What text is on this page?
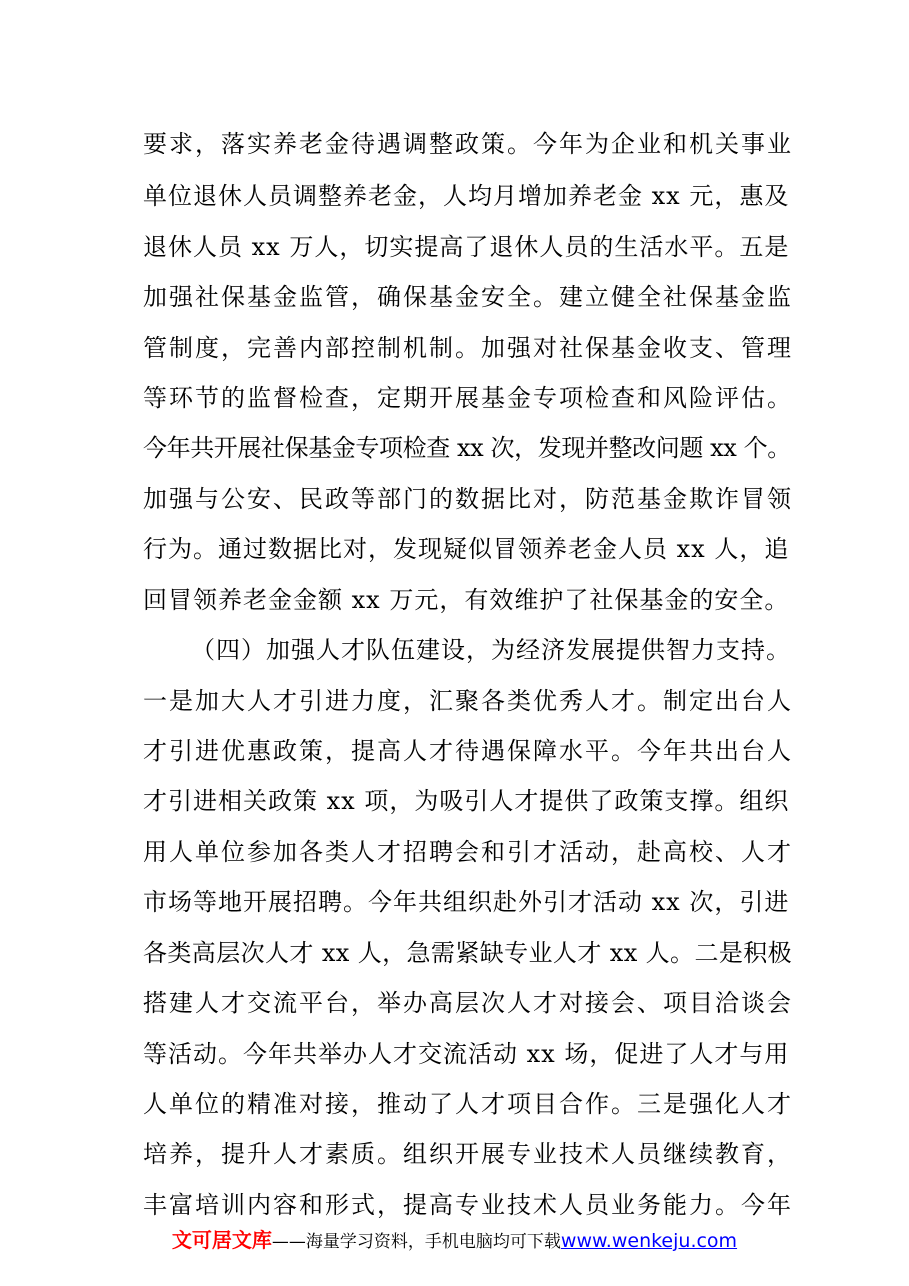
要求，落实养老金待遇调整政策。今年为企业和机关事业
单位退休人员调整养老金，人均月增加养老金 xx 元，惠及
退休人员 xx 万人，切实提高了退休人员的生活水平。五是
加强社保基金监管，确保基金安全。建立健全社保基金监
管制度，完善内部控制机制。加强对社保基金收支、管理
等环节的监督检查，定期开展基金专项检查和风险评估。
今年共开展社保基金专项检查 xx 次，发现并整改问题 xx 个。
加强与公安、民政等部门的数据比对，防范基金欺诈冒领
行为。通过数据比对，发现疑似冒领养老金人员 xx 人，追
回冒领养老金金额 xx 万元，有效维护了社保基金的安全。
（四）加强人才队伍建设，为经济发展提供智力支持。
一是加大人才引进力度，汇聚各类优秀人才。制定出台人
才引进优惠政策，提高人才待遇保障水平。今年共出台人
才引进相关政策 xx 项，为吸引人才提供了政策支撑。组织
用人单位参加各类人才招聘会和引才活动，赴高校、人才
市场等地开展招聘。今年共组织赴外引才活动 xx 次，引进
各类高层次人才 xx 人，急需紧缺专业人才 xx 人。二是积极
搭建人才交流平台，举办高层次人才对接会、项目洽谈会
等活动。今年共举办人才交流活动 xx 场，促进了人才与用
人单位的精准对接，推动了人才项目合作。三是强化人才
培养，提升人才素质。组织开展专业技术人员继续教育，
丰富培训内容和形式，提高专业技术人员业务能力。今年
文可居文库——海量学习资料，手机电脑均可下载www.wenkeju.com
